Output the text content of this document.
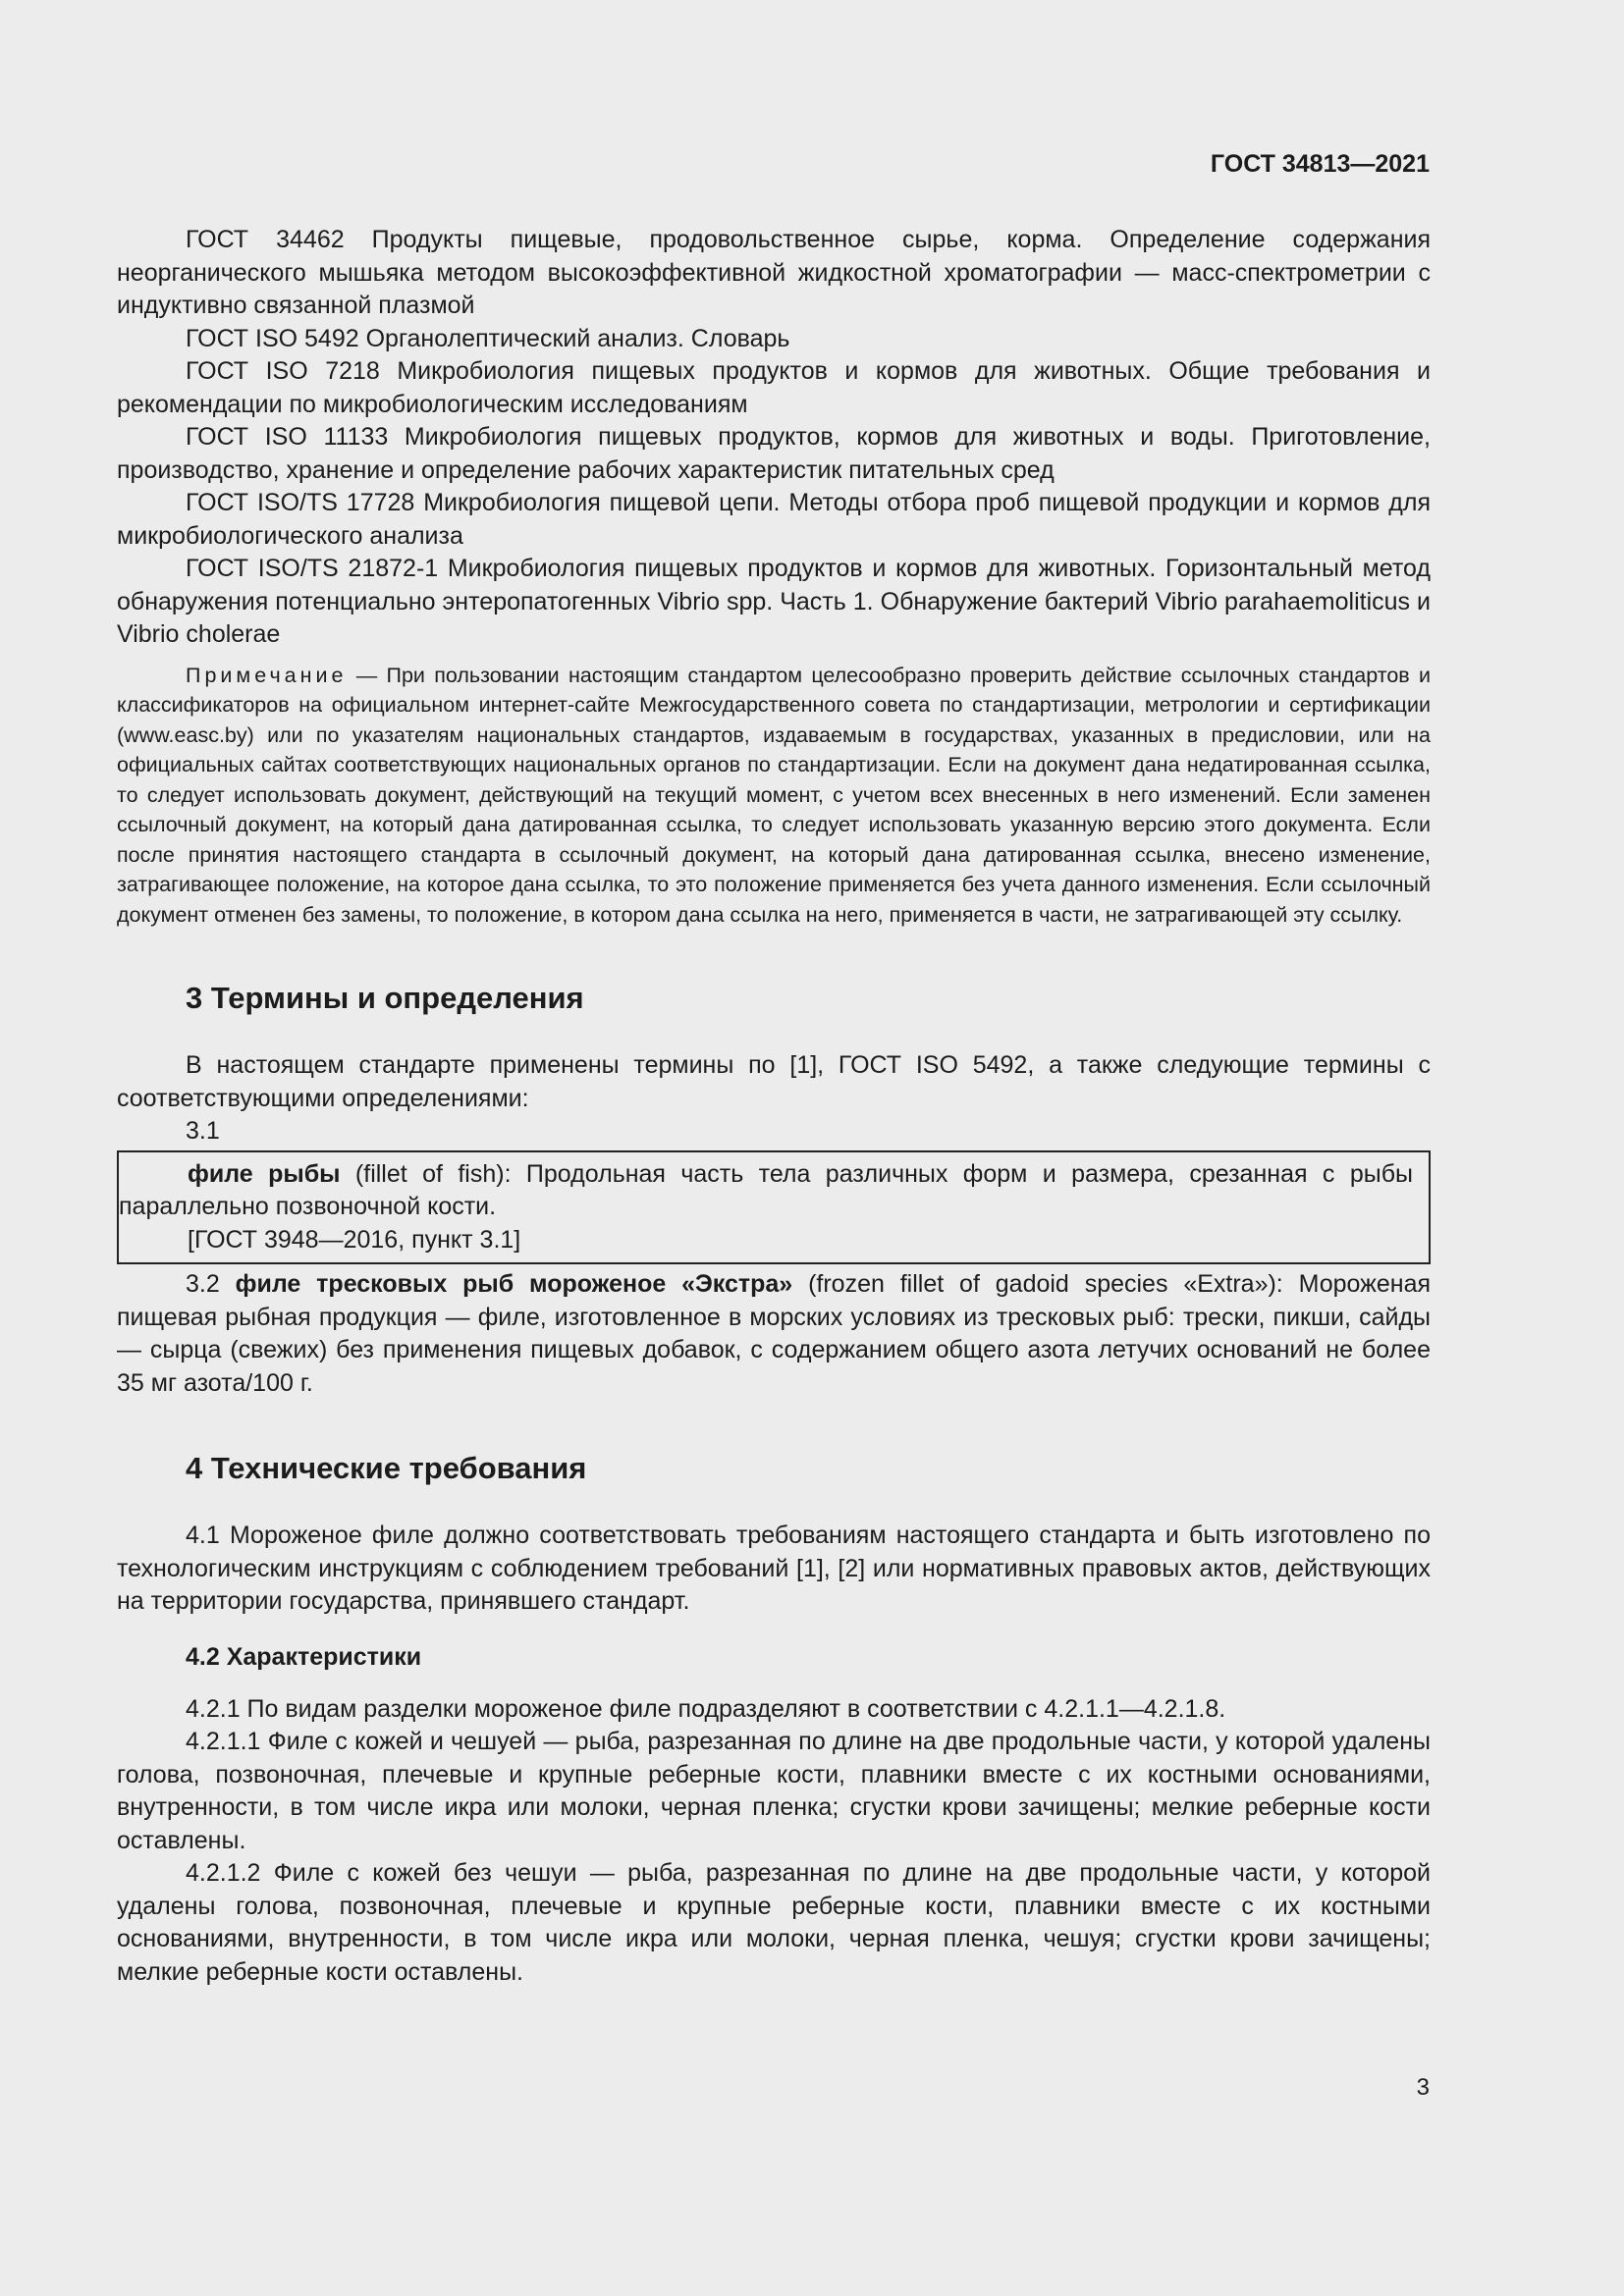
ГОСТ 34813—2021

ГОСТ 34462 Продукты пищевые, продовольственное сырье, корма. Определение содержания неорганического мышьяка методом высокоэффективной жидкостной хроматографии — масс-спектрометрии с индуктивно связанной плазмой

ГОСТ ISO 5492 Органолептический анализ. Словарь

ГОСТ ISO 7218 Микробиология пищевых продуктов и кормов для животных. Общие требования и рекомендации по микробиологическим исследованиям

ГОСТ ISO 11133 Микробиология пищевых продуктов, кормов для животных и воды. Приготовление, производство, хранение и определение рабочих характеристик питательных сред

ГОСТ ISO/TS 17728 Микробиология пищевой цепи. Методы отбора проб пищевой продукции и кормов для микробиологического анализа

ГОСТ ISO/TS 21872-1 Микробиология пищевых продуктов и кормов для животных. Горизонтальный метод обнаружения потенциально энтеропатогенных Vibrio spp. Часть 1. Обнаружение бактерий Vibrio parahaemoliticus и Vibrio cholerae

Примечание — При пользовании настоящим стандартом целесообразно проверить действие ссылочных стандартов и классификаторов на официальном интернет-сайте Межгосударственного совета по стандартизации, метрологии и сертификации (www.easc.by) или по указателям национальных стандартов, издаваемым в государствах, указанных в предисловии, или на официальных сайтах соответствующих национальных органов по стандартизации. Если на документ дана недатированная ссылка, то следует использовать документ, действующий на текущий момент, с учетом всех внесенных в него изменений. Если заменен ссылочный документ, на который дана датированная ссылка, то следует использовать указанную версию этого документа. Если после принятия настоящего стандарта в ссылочный документ, на который дана датированная ссылка, внесено изменение, затрагивающее положение, на которое дана ссылка, то это положение применяется без учета данного изменения. Если ссылочный документ отменен без замены, то положение, в котором дана ссылка на него, применяется в части, не затрагивающей эту ссылку.

3 Термины и определения

В настоящем стандарте применены термины по [1], ГОСТ ISO 5492, а также следующие термины с соответствующими определениями:

3.1

филе рыбы (fillet of fish): Продольная часть тела различных форм и размера, срезанная с рыбы параллельно позвоночной кости.

[ГОСТ 3948—2016, пункт 3.1]

3.2 филе тресковых рыб мороженое «Экстра» (frozen fillet of gadoid species «Extra»): Мороженая пищевая рыбная продукция — филе, изготовленное в морских условиях из тресковых рыб: трески, пикши, сайды — сырца (свежих) без применения пищевых добавок, с содержанием общего азота летучих оснований не более 35 мг азота/100 г.

4 Технические требования

4.1 Мороженое филе должно соответствовать требованиям настоящего стандарта и быть изготовлено по технологическим инструкциям с соблюдением требований [1], [2] или нормативных правовых актов, действующих на территории государства, принявшего стандарт.

4.2 Характеристики

4.2.1 По видам разделки мороженое филе подразделяют в соответствии с 4.2.1.1—4.2.1.8.

4.2.1.1 Филе с кожей и чешуей — рыба, разрезанная по длине на две продольные части, у которой удалены голова, позвоночная, плечевые и крупные реберные кости, плавники вместе с их костными основаниями, внутренности, в том числе икра или молоки, черная пленка; сгустки крови зачищены; мелкие реберные кости оставлены.

4.2.1.2 Филе с кожей без чешуи — рыба, разрезанная по длине на две продольные части, у которой удалены голова, позвоночная, плечевые и крупные реберные кости, плавники вместе с их костными основаниями, внутренности, в том числе икра или молоки, черная пленка, чешуя; сгустки крови зачищены; мелкие реберные кости оставлены.

3
